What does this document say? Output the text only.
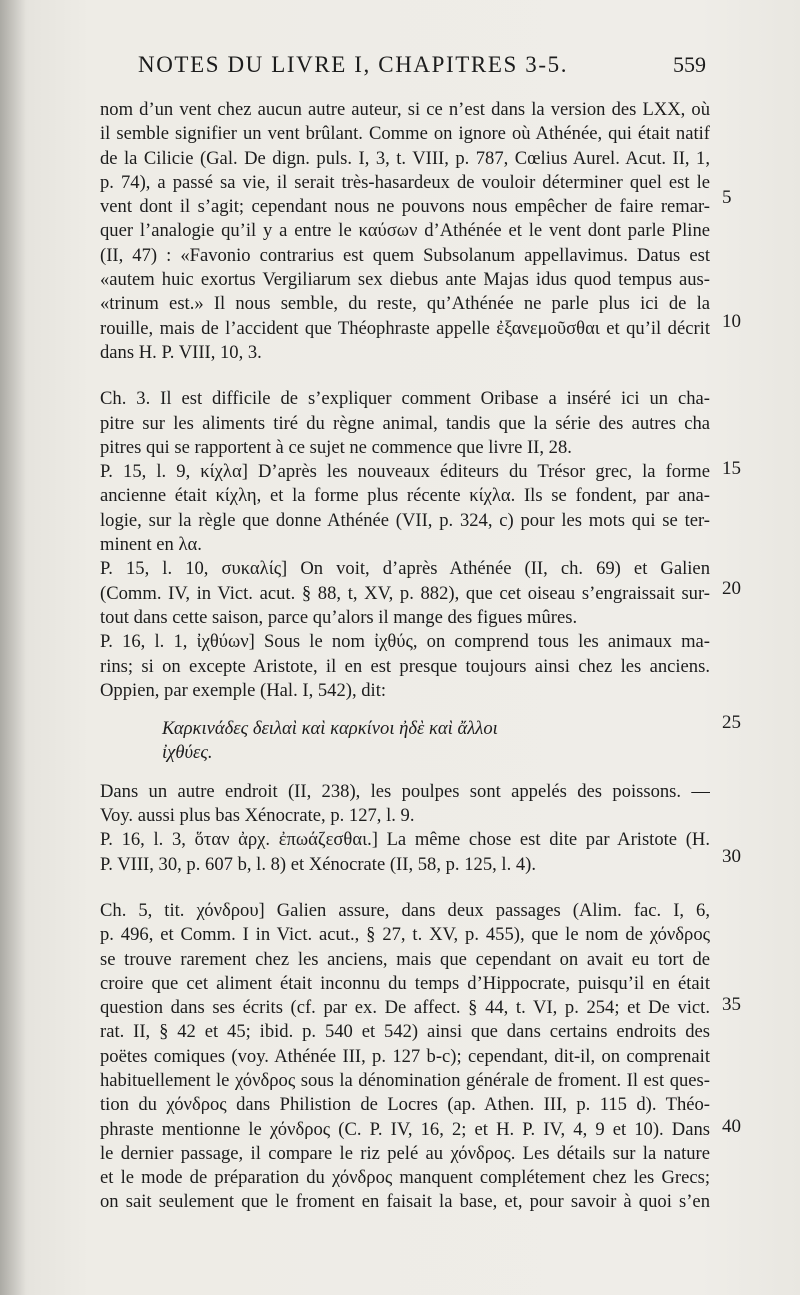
NOTES DU LIVRE I, CHAPITRES 3-5.	559
nom d’un vent chez aucun autre auteur, si ce n’est dans la version des LXX, où
il semble signifier un vent brûlant. Comme on ignore où Athénée, qui était natif
de la Cilicie (Gal. De dign. puls. I, 3, t. VIII, p. 787, Cœlius Aurel. Acut. II, 1,
p. 74), a passé sa vie, il serait très-hasardeux de vouloir déterminer quel est le
vent dont il s’agit; cependant nous ne pouvons nous empêcher de faire remar-
quer l’analogie qu’il y a entre le καύσων d’Athénée et le vent dont parle Pline
(II, 47) : «Favonio contrarius est quem Subsolanum appellavimus. Datus est
«autem huic exortus Vergiliarum sex diebus ante Majas idus quod tempus aus-
«trinum est.» Il nous semble, du reste, qu’Athénée ne parle plus ici de la
rouille, mais de l’accident que Théophraste appelle ἐξανεμοῦσθαι et qu’il décrit
dans H. P. VIII, 10, 3.
Ch. 3. Il est difficile de s’expliquer comment Oribase a inséré ici un cha-
pitre sur les aliments tiré du règne animal, tandis que la série des autres cha
pitres qui se rapportent à ce sujet ne commence que livre II, 28.
P. 15, l. 9, κίχλα] D’après les nouveaux éditeurs du Trésor grec, la forme
ancienne était κίχλη, et la forme plus récente κίχλα. Ils se fondent, par ana-
logie, sur la règle que donne Athénée (VII, p. 324, c) pour les mots qui se ter-
minent en λα.
P. 15, l. 10, συκαλίς] On voit, d’après Athénée (II, ch. 69) et Galien
(Comm. IV, in Vict. acut. § 88, t, XV, p. 882), que cet oiseau s’engraissait sur-
tout dans cette saison, parce qu’alors il mange des figues mûres.
P. 16, l. 1, ἰχθύων] Sous le nom ἰχθύς, on comprend tous les animaux ma-
rins; si on excepte Aristote, il en est presque toujours ainsi chez les anciens.
Oppien, par exemple (Hal. I, 542), dit:
Καρκινάδες δειλαὶ καὶ καρκίνοι ἠδὲ καὶ ἄλλοι
ἰχθύες.
Dans un autre endroit (II, 238), les poulpes sont appelés des poissons. —
Voy. aussi plus bas Xénocrate, p. 127, l. 9.
P. 16, l. 3, ὅταν ἀρχ. ἐπωάζεσθαι.] La même chose est dite par Aristote (H.
P. VIII, 30, p. 607 b, l. 8) et Xénocrate (II, 58, p. 125, l. 4).
Ch. 5, tit. χόνδρου] Galien assure, dans deux passages (Alim. fac. I, 6,
p. 496, et Comm. I in Vict. acut., § 27, t. XV, p. 455), que le nom de χόνδρος
se trouve rarement chez les anciens, mais que cependant on avait eu tort de
croire que cet aliment était inconnu du temps d’Hippocrate, puisqu’il en était
question dans ses écrits (cf. par ex. De affect. § 44, t. VI, p. 254; et De vict.
rat. II, § 42 et 45; ibid. p. 540 et 542) ainsi que dans certains endroits des
poëtes comiques (voy. Athénée III, p. 127 b-c); cependant, dit-il, on comprenait
habituellement le χόνδρος sous la dénomination générale de froment. Il est ques-
tion du χόνδρος dans Philistion de Locres (ap. Athen. III, p. 115 d). Théo-
phraste mentionne le χόνδρος (C. P. IV, 16, 2; et H. P. IV, 4, 9 et 10). Dans
le dernier passage, il compare le riz pelé au χόνδρος. Les détails sur la nature
et le mode de préparation du χόνδρος manquent complétement chez les Grecs;
on sait seulement que le froment en faisait la base, et, pour savoir à quoi s’en
5
10
15
20
25
30
35
40
